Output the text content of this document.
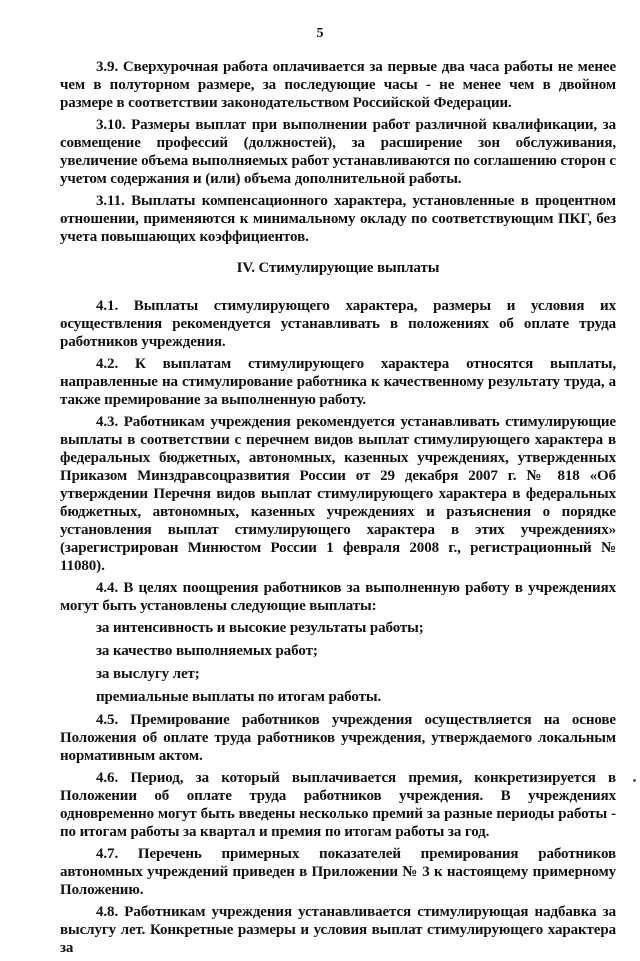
5

3.9. Сверхурочная работа оплачивается за первые два часа работы не менее чем в полуторном размере, за последующие часы - не менее чем в двойном размере в соответствии законодательством Российской Федерации.

3.10. Размеры выплат при выполнении работ различной квалификации, за совмещение профессий (должностей), за расширение зон обслуживания, увеличение объема выполняемых работ устанавливаются по соглашению сторон с учетом содержания и (или) объема дополнительной работы.

3.11. Выплаты компенсационного характера, установленные в процентном отношении, применяются к минимальному окладу по соответствующим ПКГ, без учета повышающих коэффициентов.

IV. Стимулирующие выплаты

4.1. Выплаты стимулирующего характера, размеры и условия их осуществления рекомендуется устанавливать в положениях об оплате труда работников учреждения.

4.2. К выплатам стимулирующего характера относятся выплаты, направленные на стимулирование работника к качественному результату труда, а также премирование за выполненную работу.

4.3. Работникам учреждения рекомендуется устанавливать стимулирующие выплаты в соответствии с перечнем видов выплат стимулирующего характера в федеральных бюджетных, автономных, казенных учреждениях, утвержденных Приказом Минздравсоцразвития России от 29 декабря 2007 г. № 818 «Об утверждении Перечня видов выплат стимулирующего характера в федеральных бюджетных, автономных, казенных учреждениях и разъяснения о порядке установления выплат стимулирующего характера в этих учреждениях» (зарегистрирован Минюстом России 1 февраля 2008 г., регистрационный № 11080).

4.4. В целях поощрения работников за выполненную работу в учреждениях могут быть установлены следующие выплаты:

за интенсивность и высокие результаты работы;
за качество выполняемых работ;
за выслугу лет;
премиальные выплаты по итогам работы.

4.5. Премирование работников учреждения осуществляется на основе Положения об оплате труда работников учреждения, утверждаемого локальным нормативным актом.

4.6. Период, за который выплачивается премия, конкретизируется в Положении об оплате труда работников учреждения. В учреждениях одновременно могут быть введены несколько премий за разные периоды работы - по итогам работы за квартал и премия по итогам работы за год.

4.7. Перечень примерных показателей премирования работников автономных учреждений приведен в Приложении № 3 к настоящему примерному Положению.

4.8. Работникам учреждения устанавливается стимулирующая надбавка за выслугу лет. Конкретные размеры и условия выплат стимулирующего характера за
